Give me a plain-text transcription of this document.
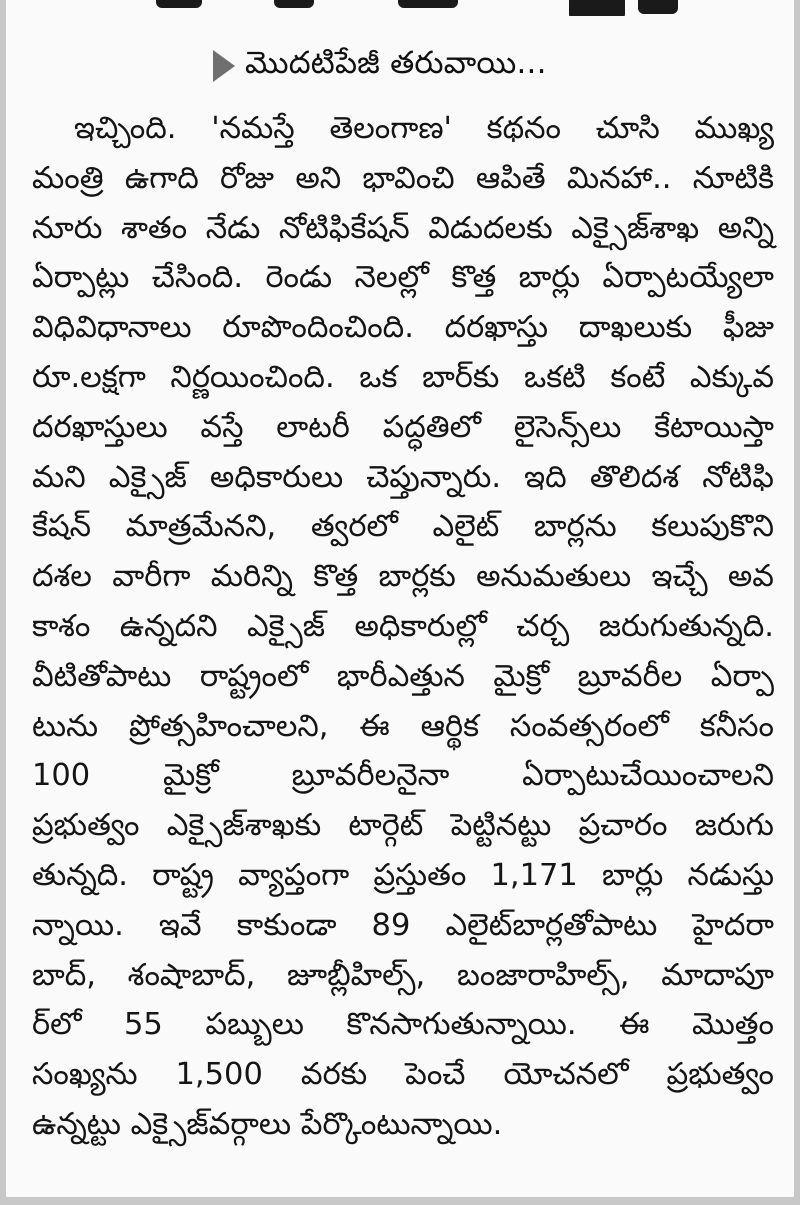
మొదటిపేజీ తరువాయి...
ఇచ్చింది. 'నమస్తే తెలంగాణ' కథనం చూసి ముఖ్య
మంత్రి ఉగాది రోజు అని భావించి ఆపితే మినహా.. నూటికి
నూరు శాతం నేడు నోటిఫికేషన్ విడుదలకు ఎక్సైజ్‌శాఖ అన్ని
ఏర్పాట్లు చేసింది. రెండు నెలల్లో కొత్త బార్లు ఏర్పాటయ్యేలా
విధివిధానాలు రూపొందించింది. దరఖాస్తు దాఖలుకు ఫీజు
రూ.లక్షగా నిర్ణయించింది. ఒక బార్‌కు ఒకటి కంటే ఎక్కువ
దరఖాస్తులు వస్తే లాటరీ పద్ధతిలో లైసెన్స్‌లు కేటాయిస్తా
మని ఎక్సైజ్ అధికారులు చెప్తున్నారు. ఇది తొలిదశ నోటిఫి
కేషన్ మాత్రమేనని, త్వరలో ఎలైట్ బార్లను కలుపుకొని
దశల వారీగా మరిన్ని కొత్త బార్లకు అనుమతులు ఇచ్చే అవ
కాశం ఉన్నదని ఎక్సైజ్ అధికారుల్లో చర్చ జరుగుతున్నది.
వీటితోపాటు రాష్ట్రంలో భారీఎత్తున మైక్రో బ్రూవరీల ఏర్పా
టును ప్రోత్సహించాలని, ఈ ఆర్థిక సంవత్సరంలో కనీసం
100 మైక్రో బ్రూవరీలనైనా ఏర్పాటుచేయించాలని
ప్రభుత్వం ఎక్సైజ్‌శాఖకు టార్గెట్ పెట్టినట్టు ప్రచారం జరుగు
తున్నది. రాష్ట్ర వ్యాప్తంగా ప్రస్తుతం 1,171 బార్లు నడుస్తు
న్నాయి. ఇవే కాకుండా 89 ఎలైట్‌బార్లతోపాటు హైదరా
బాద్, శంషాబాద్, జూబ్లీహిల్స్, బంజారాహిల్స్, మాదాపూ
ర్‌లో 55 పబ్బులు కొనసాగుతున్నాయి. ఈ మొత్తం
సంఖ్యను 1,500 వరకు పెంచే యోచనలో ప్రభుత్వం
ఉన్నట్టు ఎక్సైజ్‌వర్గాలు పేర్కొంటున్నాయి.
